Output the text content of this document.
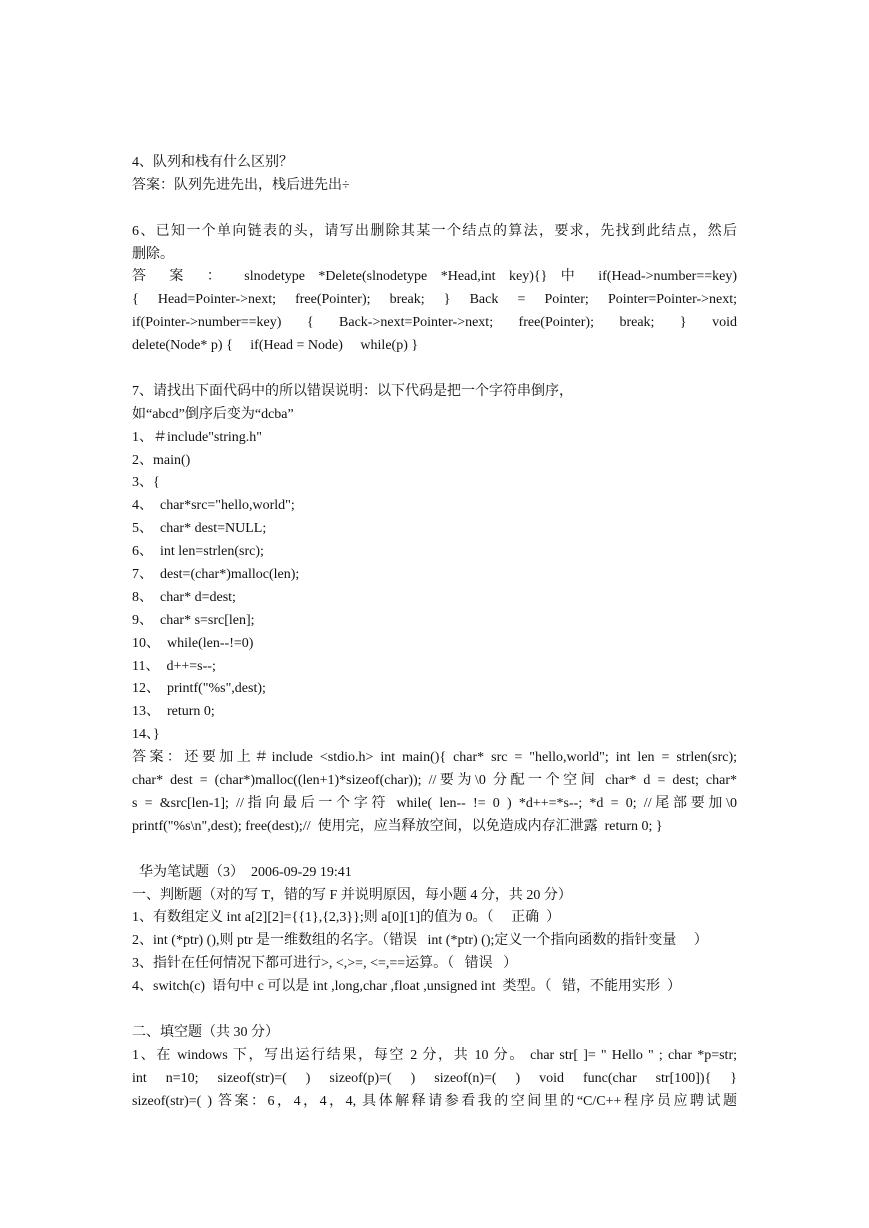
4、队列和栈有什么区别？

答案：队列先进先出，栈后进先出÷

6、已知一个单向链表的头，请写出删除其某一个结点的算法，要求，先找到此结点，然后

删除。

答 案 ： slnodetype *Delete(slnodetype *Head,int key){} 中 if(Head->number==key)

{ Head=Pointer->next; free(Pointer); break; } Back = Pointer; Pointer=Pointer->next;

if(Pointer->number==key) { Back->next=Pointer->next; free(Pointer); break; } void

delete(Node* p) {     if(Head = Node)     while(p) }

7、请找出下面代码中的所以错误说明：以下代码是把一个字符串倒序，

如“abcd”倒序后变为“dcba”

1、＃include"string.h"

2、main()

3、{

4、  char*src="hello,world";

5、  char* dest=NULL;

6、  int len=strlen(src);

7、  dest=(char*)malloc(len);

8、  char* d=dest;

9、  char* s=src[len];

10、  while(len--!=0)

11、  d++=s--;

12、  printf("%s",dest);

13、  return 0;

14、}

答案：还要加上＃include <stdio.h> int main(){ char* src = "hello,world"; int len = strlen(src);

char* dest = (char*)malloc((len+1)*sizeof(char)); //要为\0 分配一个空间 char* d = dest; char*

s = &src[len-1]; //指向最后一个字符 while( len-- != 0 ) *d++=*s--; *d = 0; //尾部要加\0

printf("%s\n",dest); free(dest);//  使用完，应当释放空间，以免造成内存汇泄露  return 0; }

华为笔试题（3）  2006-09-29 19:41

一、判断题（对的写 T，错的写 F 并说明原因，每小题 4 分，共 20 分）

1、有数组定义 int a[2][2]={{1},{2,3}};则 a[0][1]的值为 0。（     正确  ）

2、int (*ptr) (),则 ptr 是一维数组的名字。（错误   int (*ptr) ();定义一个指向函数的指针变量     ）

3、指针在任何情况下都可进行>, <,>=, <=,==运算。（   错误   ）

4、switch(c)  语句中 c 可以是 int ,long,char ,float ,unsigned int  类型。（   错，不能用实形  ）

二、填空题（共 30 分）

1、在 windows 下，写出运行结果，每空 2 分，共 10 分。 char str[ ]= " Hello " ; char *p=str;

int n=10; sizeof(str)=( ) sizeof(p)=( ) sizeof(n)=( ) void func(char str[100]){ }

sizeof(str)=( ) 答案：6，4，4，4, 具体解释请参看我的空间里的“C/C++程序员应聘试题
